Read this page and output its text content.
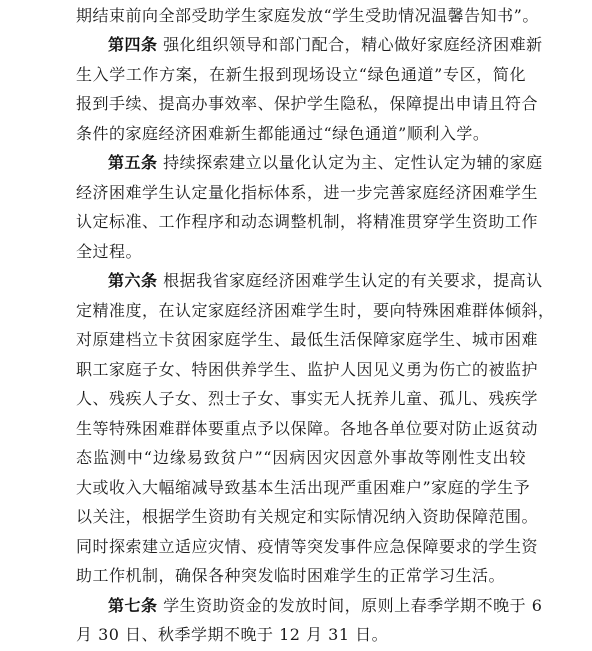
期结束前向全部受助学生家庭发放“学生受助情况温馨告知书”。
第四条 强化组织领导和部门配合，精心做好家庭经济困难新
生入学工作方案，在新生报到现场设立“绿色通道”专区，简化
报到手续、提高办事效率、保护学生隐私，保障提出申请且符合
条件的家庭经济困难新生都能通过“绿色通道”顺利入学。
第五条 持续探索建立以量化认定为主、定性认定为辅的家庭
经济困难学生认定量化指标体系，进一步完善家庭经济困难学生
认定标准、工作程序和动态调整机制，将精准贯穿学生资助工作
全过程。
第六条 根据我省家庭经济困难学生认定的有关要求，提高认
定精准度，在认定家庭经济困难学生时，要向特殊困难群体倾斜，
对原建档立卡贫困家庭学生、最低生活保障家庭学生、城市困难
职工家庭子女、特困供养学生、监护人因见义勇为伤亡的被监护
人、残疾人子女、烈士子女、事实无人抚养儿童、孤儿、残疾学
生等特殊困难群体要重点予以保障。各地各单位要对防止返贫动
态监测中“边缘易致贫户”“因病因灾因意外事故等刚性支出较
大或收入大幅缩减导致基本生活出现严重困难户”家庭的学生予
以关注，根据学生资助有关规定和实际情况纳入资助保障范围。
同时探索建立适应灾情、疫情等突发事件应急保障要求的学生资
助工作机制，确保各种突发临时困难学生的正常学习生活。
第七条 学生资助资金的发放时间，原则上春季学期不晚于 6
月 30 日、秋季学期不晚于 12 月 31 日。
